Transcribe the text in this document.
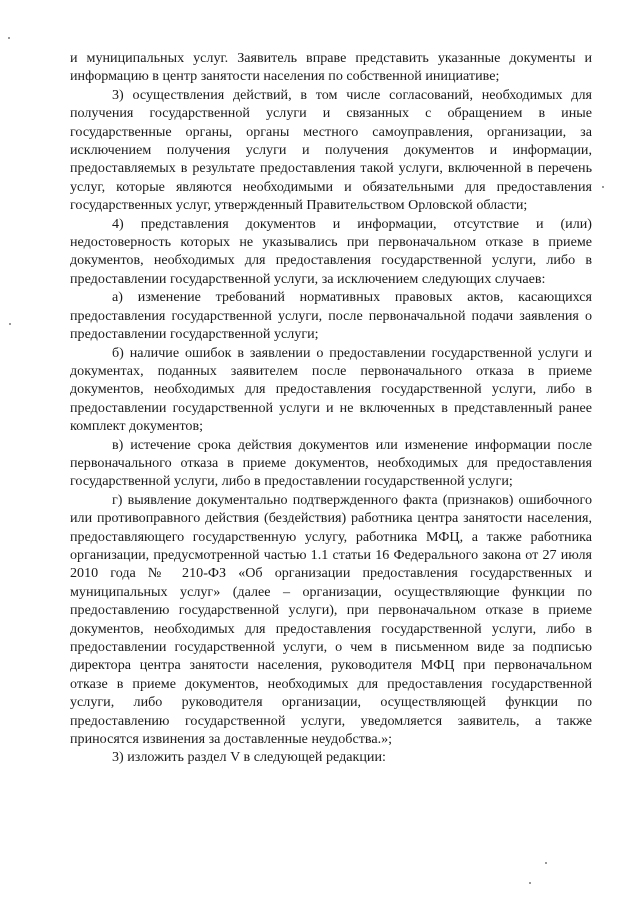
и муниципальных услуг. Заявитель вправе представить указанные документы и информацию в центр занятости населения по собственной инициативе;

3) осуществления действий, в том числе согласований, необходимых для получения государственной услуги и связанных с обращением в иные государственные органы, органы местного самоуправления, организации, за исключением получения услуги и получения документов и информации, предоставляемых в результате предоставления такой услуги, включенной в перечень услуг, которые являются необходимыми и обязательными для предоставления государственных услуг, утвержденный Правительством Орловской области;

4) представления документов и информации, отсутствие и (или) недостоверность которых не указывались при первоначальном отказе в приеме документов, необходимых для предоставления государственной услуги, либо в предоставлении государственной услуги, за исключением следующих случаев:

а) изменение требований нормативных правовых актов, касающихся предоставления государственной услуги, после первоначальной подачи заявления о предоставлении государственной услуги;

б) наличие ошибок в заявлении о предоставлении государственной услуги и документах, поданных заявителем после первоначального отказа в приеме документов, необходимых для предоставления государственной услуги, либо в предоставлении государственной услуги и не включенных в представленный ранее комплект документов;

в) истечение срока действия документов или изменение информации после первоначального отказа в приеме документов, необходимых для предоставления государственной услуги, либо в предоставлении государственной услуги;

г) выявление документально подтвержденного факта (признаков) ошибочного или противоправного действия (бездействия) работника центра занятости населения, предоставляющего государственную услугу, работника МФЦ, а также работника организации, предусмотренной частью 1.1 статьи 16 Федерального закона от 27 июля 2010 года № 210-ФЗ «Об организации предоставления государственных и муниципальных услуг» (далее – организации, осуществляющие функции по предоставлению государственной услуги), при первоначальном отказе в приеме документов, необходимых для предоставления государственной услуги, либо в предоставлении государственной услуги, о чем в письменном виде за подписью директора центра занятости населения, руководителя МФЦ при первоначальном отказе в приеме документов, необходимых для предоставления государственной услуги, либо руководителя организации, осуществляющей функции по предоставлению государственной услуги, уведомляется заявитель, а также приносятся извинения за доставленные неудобства.»;

3) изложить раздел V в следующей редакции:
